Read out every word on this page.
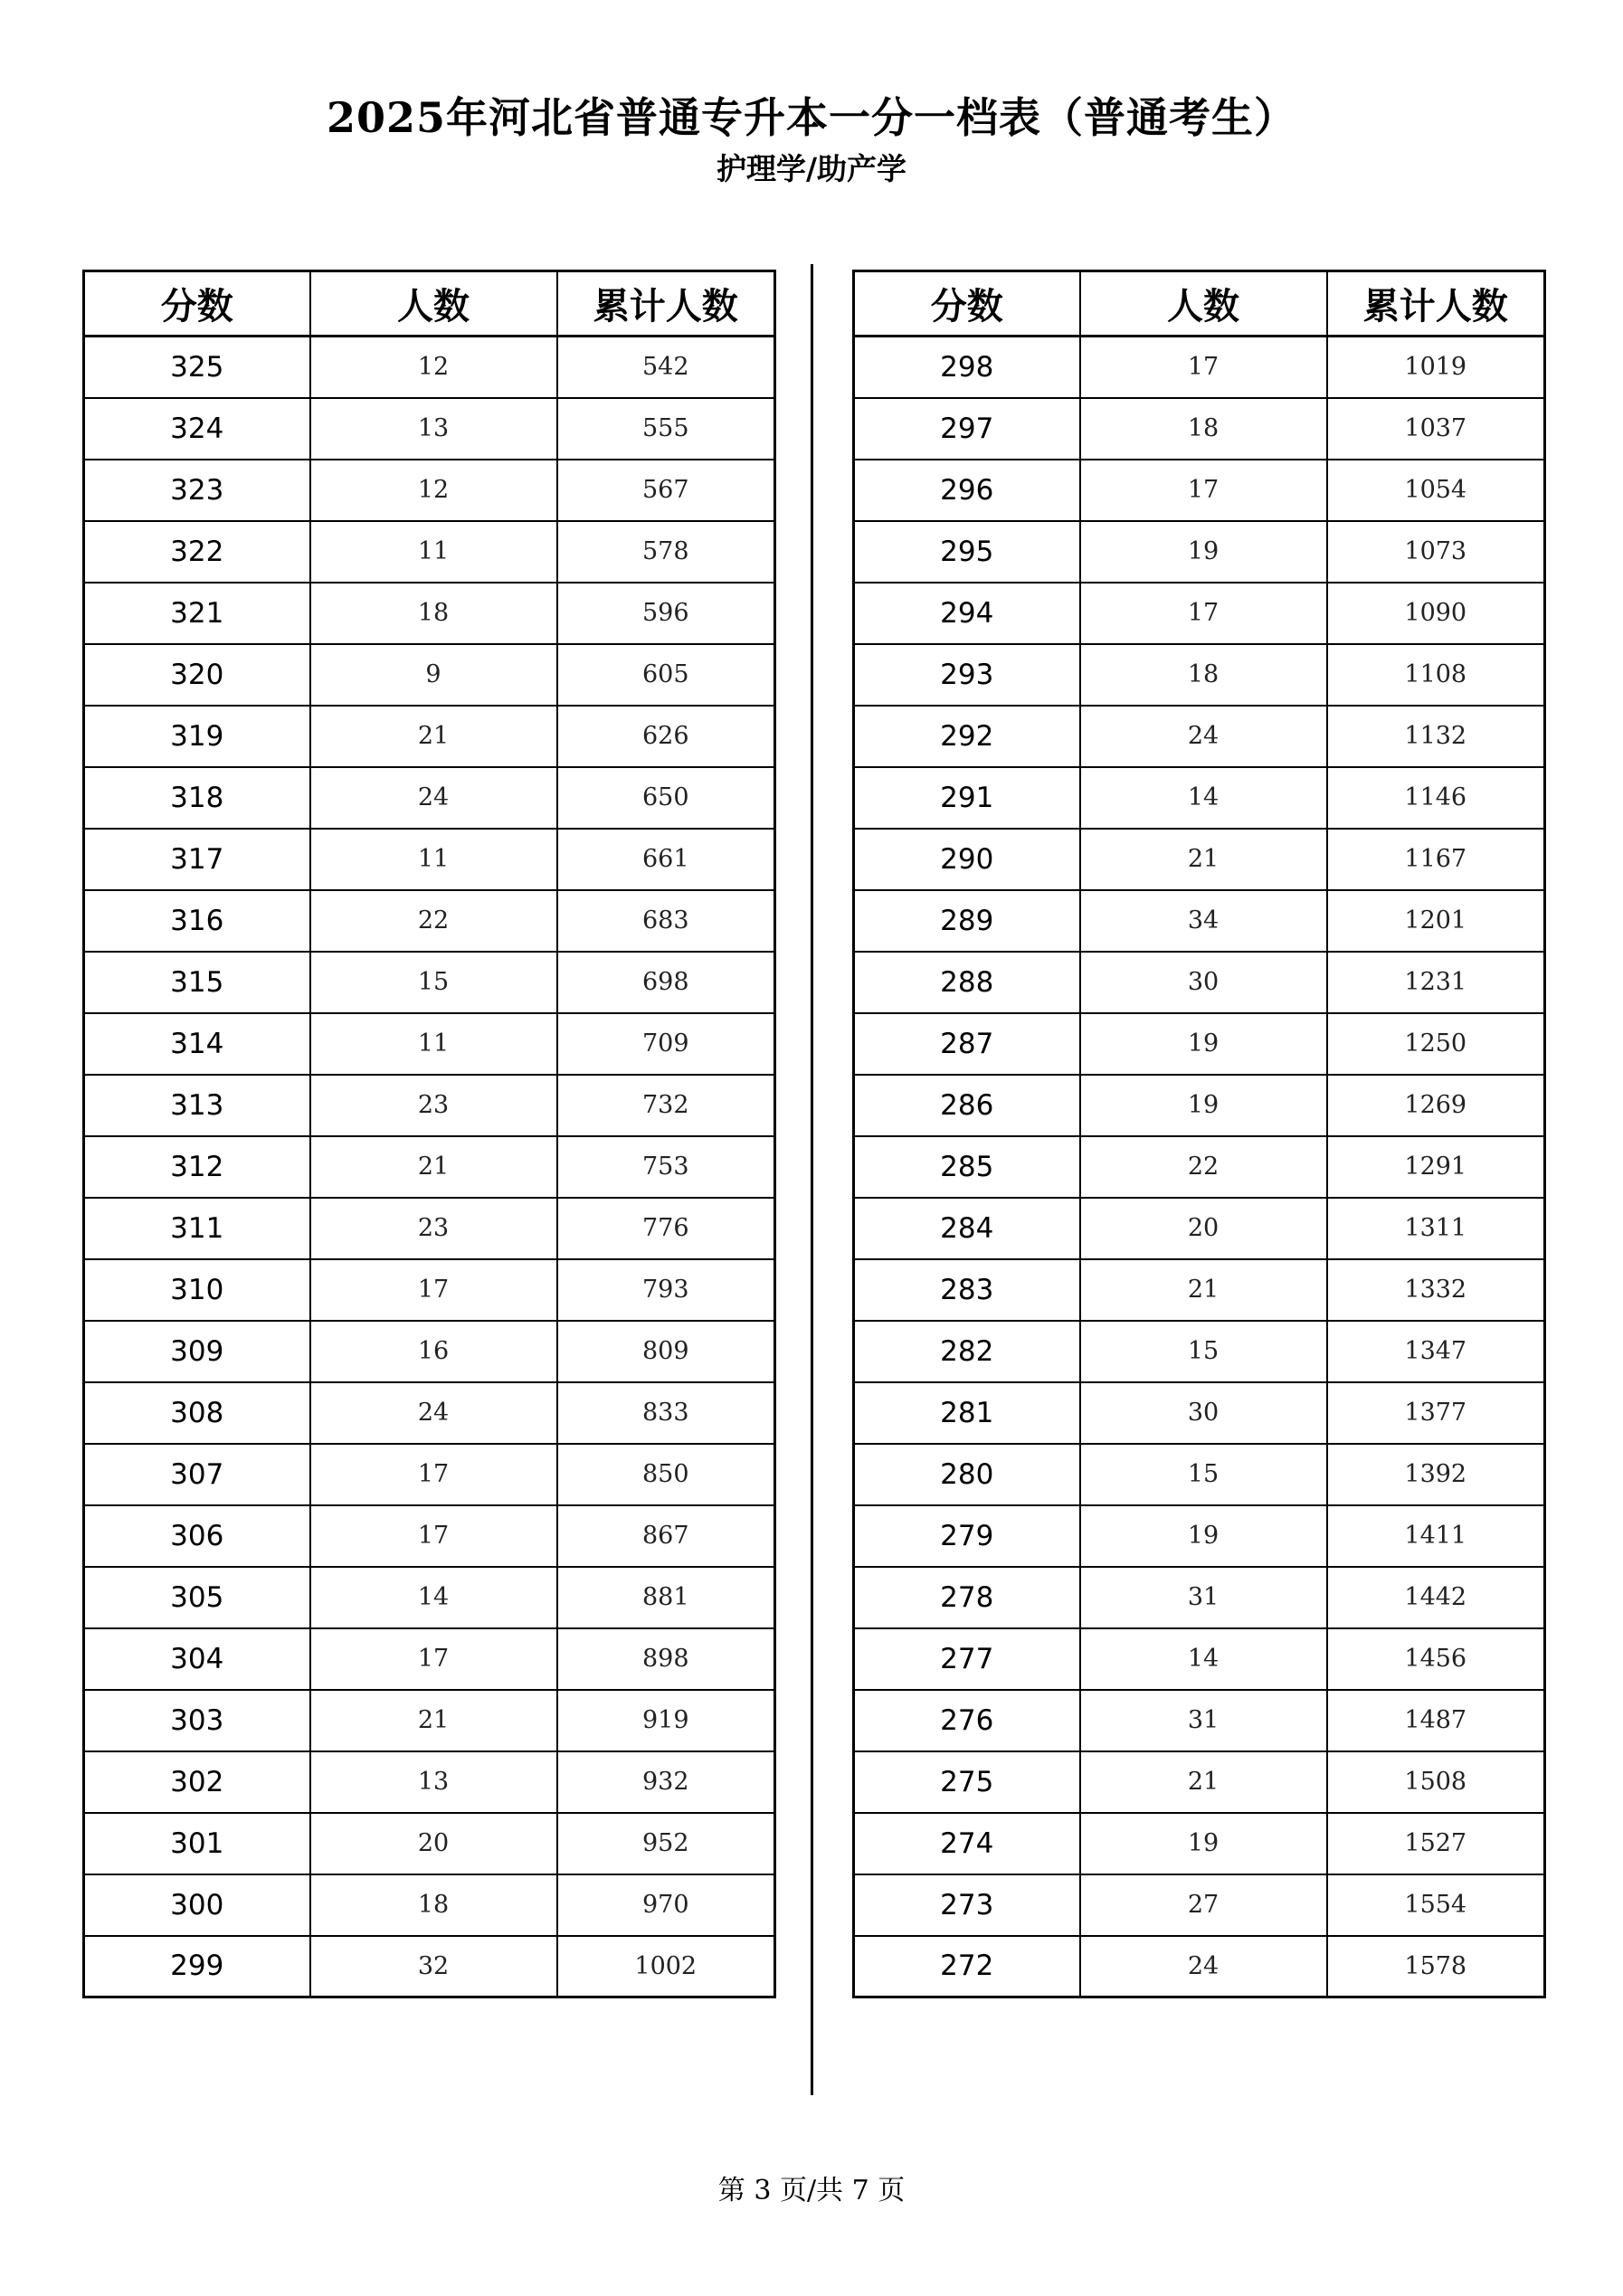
2025年河北省普通专升本一分一档表（普通考生）
护理学/助产学
分数	人数	累计人数
325	12	542
324	13	555
323	12	567
322	11	578
321	18	596
320	9	605
319	21	626
318	24	650
317	11	661
316	22	683
315	15	698
314	11	709
313	23	732
312	21	753
311	23	776
310	17	793
309	16	809
308	24	833
307	17	850
306	17	867
305	14	881
304	17	898
303	21	919
302	13	932
301	20	952
300	18	970
299	32	1002
分数	人数	累计人数
298	17	1019
297	18	1037
296	17	1054
295	19	1073
294	17	1090
293	18	1108
292	24	1132
291	14	1146
290	21	1167
289	34	1201
288	30	1231
287	19	1250
286	19	1269
285	22	1291
284	20	1311
283	21	1332
282	15	1347
281	30	1377
280	15	1392
279	19	1411
278	31	1442
277	14	1456
276	31	1487
275	21	1508
274	19	1527
273	27	1554
272	24	1578
第 3 页/共 7 页
